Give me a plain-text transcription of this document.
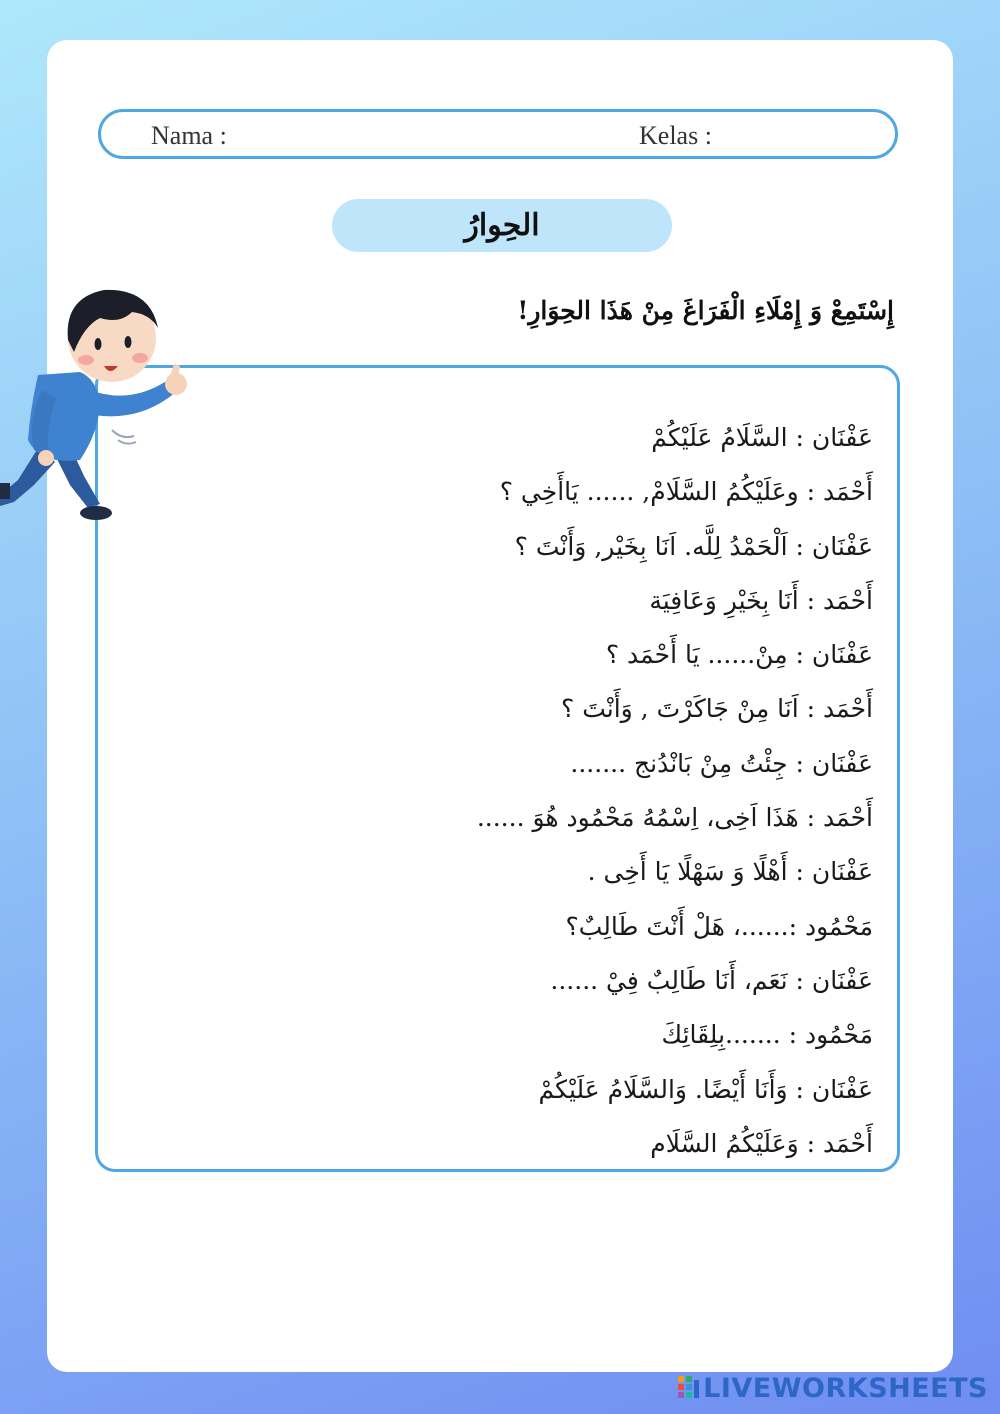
Nama :	Kelas :
الحِوارُ
إِسْتَمِعْ وَ إِمْلَاءِ الْفَرَاغَ مِنْ هَذَا الحِوَارِ!
عَفْنَان : السَّلَامُ عَلَيْكُمْ
أَحْمَد : وعَلَيْكُمُ السَّلَامْ, ...... يَاأَخِي ؟
عَفْنَان : اَلْحَمْدُ لِلَّه. اَنَا بِخَيْر, وَأَنْتَ ؟
أَحْمَد : أَنَا بِخَيْرِ وَعَافِيَة
عَفْنَان : مِنْ...... يَا أَحْمَد ؟
أَحْمَد : اَنَا مِنْ جَاكَرْتَ , وَأَنْتَ ؟
عَفْنَان : جِئْتُ مِنْ بَانْدُنج .......
أَحْمَد : هَذَا اَخِى، اِسْمُهُ مَحْمُود هُوَ ......
عَفْنَان : أَهْلًا وَ سَهْلًا يَا أَخِى .
مَحْمُود :......، هَلْ أَنْتَ طَالِبٌ؟
عَفْنَان : نَعَم، أَنَا طَالِبٌ فِيْ ......
مَحْمُود : .......بِلِقَائِكَ
عَفْنَان : وَأَنَا أَيْضًا. وَالسَّلَامُ عَلَيْكُمْ
أَحْمَد : وَعَلَيْكُمُ السَّلَام
LIVEWORKSHEETS
